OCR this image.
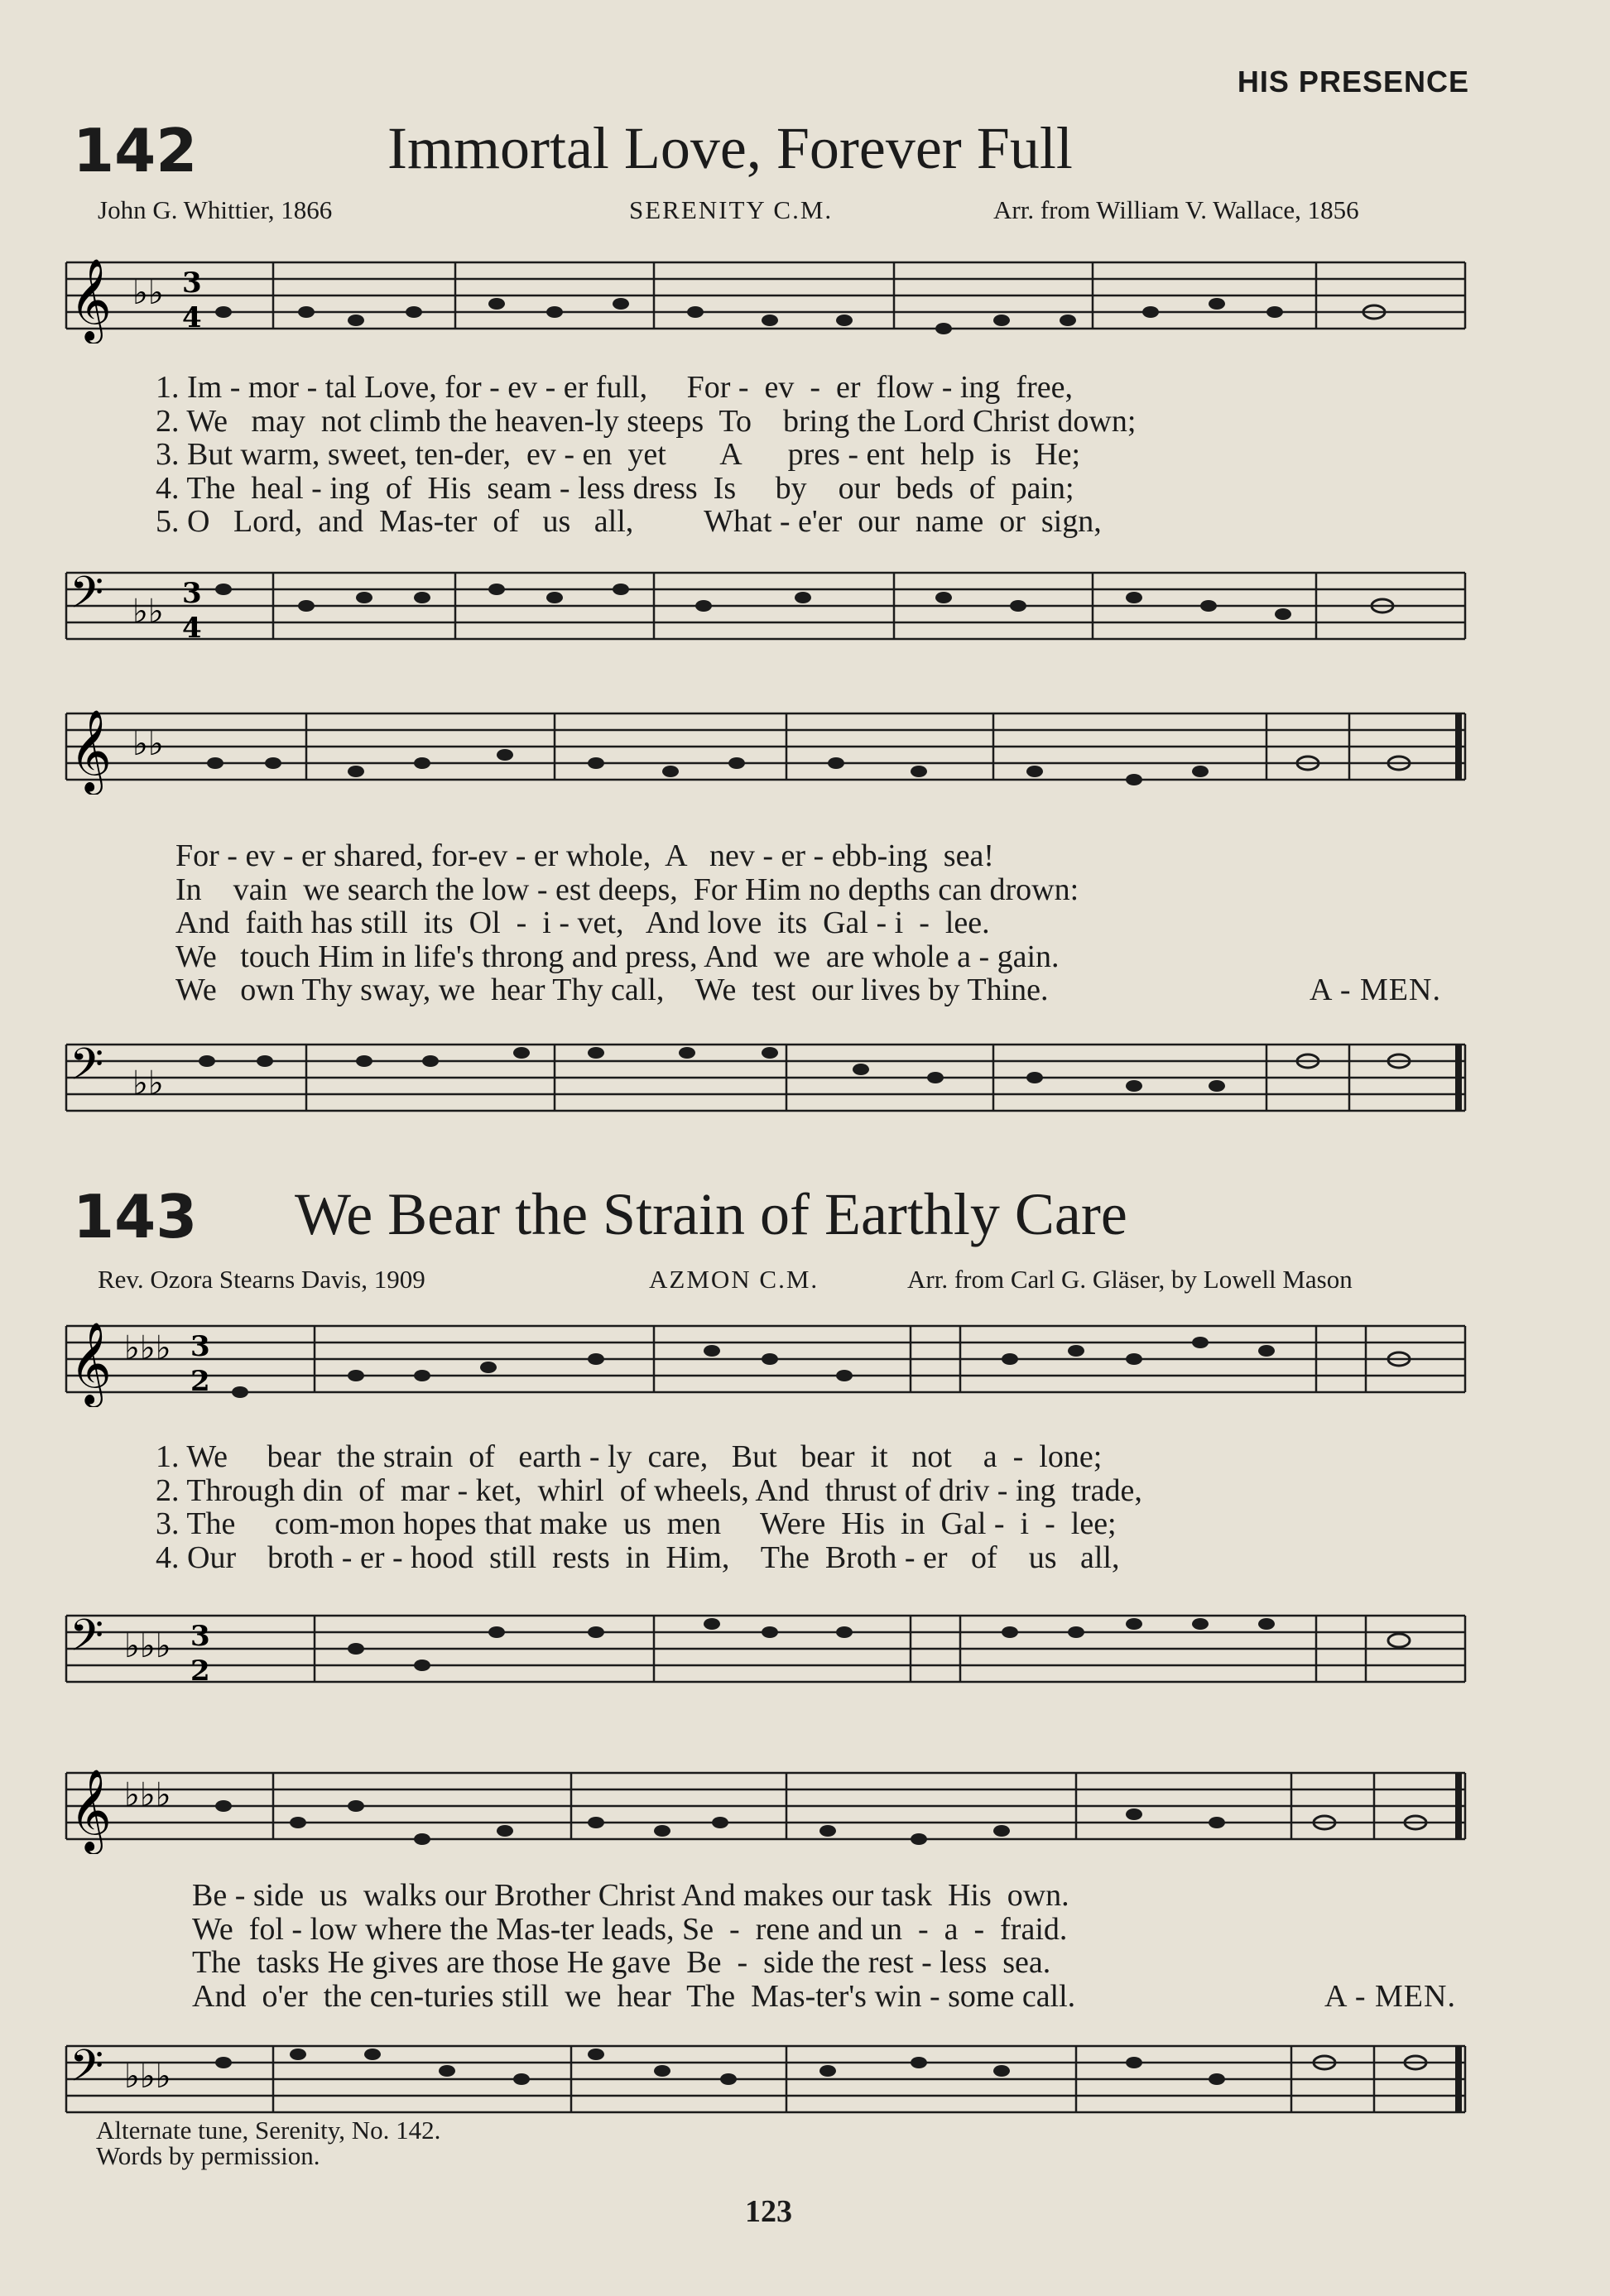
HIS PRESENCE
142	Immortal Love, Forever Full
John G. Whittier, 1866	SERENITY C.M.	Arr. from William V. Wallace, 1856
𝄞 ♭♭ 3
4
1. Im - mor - tal Love, for - ev - er full,     For -  ev  -  er  flow - ing  free,
2. We   may  not climb the heaven-ly steeps  To    bring the Lord Christ down;
3. But warm, sweet, ten-der,  ev - en  yet       A      pres - ent  help  is   He;
4. The  heal - ing  of  His  seam - less dress  Is     by    our  beds  of  pain;
5. O   Lord,  and  Mas-ter  of   us   all,         What - e'er  our  name  or  sign,
𝄢 ♭♭ 3
4
𝄞 ♭♭
For - ev - er shared, for-ev - er whole,  A   nev - er - ebb-ing  sea!
In    vain  we search the low - est deeps,  For Him no depths can drown:
And  faith has still  its  Ol  -  i - vet,   And love  its  Gal - i  -  lee.
We   touch Him in life's throng and press, And  we  are whole a - gain.
We   own Thy sway, we  hear Thy call,    We  test  our lives by Thine.	A - MEN.
𝄢 ♭♭
143 We Bear the Strain of Earthly Care
Rev. Ozora Stearns Davis, 1909	AZMON C.M.	Arr. from Carl G. Gläser, by Lowell Mason
𝄞 ♭♭♭ 3
2
1. We     bear  the strain  of   earth - ly  care,   But   bear  it   not    a  -  lone;
2. Through din  of  mar - ket,  whirl  of wheels, And  thrust of driv - ing  trade,
3. The     com-mon hopes that make  us  men     Were  His  in  Gal -  i  -  lee;
4. Our    broth - er - hood  still  rests  in  Him,    The  Broth - er   of    us   all,
𝄢 ♭♭♭ 3
2
𝄞 ♭♭♭
Be - side  us  walks our Brother Christ And makes our task  His  own.
We  fol - low where the Mas-ter leads, Se  -  rene and un  -  a  -  fraid.
The  tasks He gives are those He gave  Be  -  side the rest - less  sea.
And  o'er  the cen-turies still  we  hear  The  Mas-ter's win - some call.	A - MEN.
𝄢 ♭♭♭
Alternate tune, Serenity, No. 142.
Words by permission.
123
